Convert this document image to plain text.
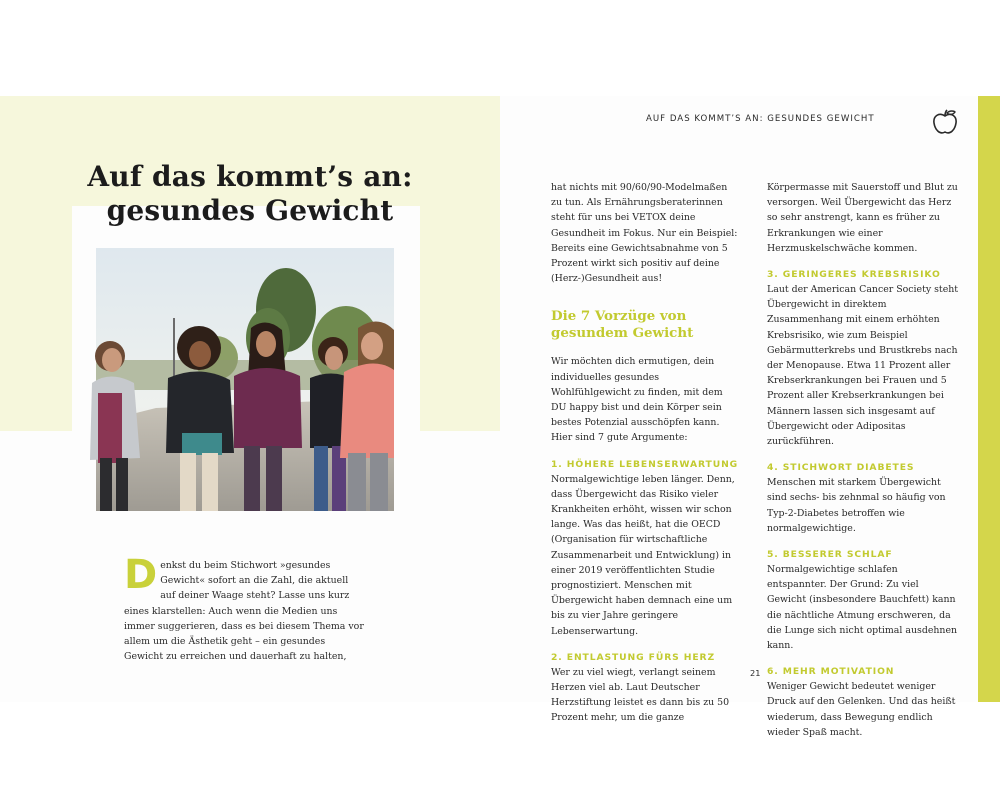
Auf das kommt’s an:
gesundes Gewicht

Denkst du beim Stichwort »gesundes Gewicht« sofort an die Zahl, die aktuell auf deiner Waage steht? Lasse uns kurz eines klarstellen: Auch wenn die Medien uns immer suggerieren, dass es bei diesem Thema vor allem um die Ästhetik geht – ein gesundes Gewicht zu erreichen und dauerhaft zu halten,

AUF DAS KOMMT’S AN: GESUNDES GEWICHT

hat nichts mit 90/60/90-Modelmaßen zu tun. Als Ernährungsberaterinnen steht für uns bei VETOX deine Gesundheit im Fokus. Nur ein Beispiel: Bereits eine Gewichtsabnahme von 5 Prozent wirkt sich positiv auf deine (Herz-)Gesundheit aus!

Die 7 Vorzüge von gesundem Gewicht

Wir möchten dich ermutigen, dein individuelles gesundes Wohlfühlgewicht zu finden, mit dem DU happy bist und dein Körper sein bestes Potenzial ausschöpfen kann. Hier sind 7 gute Argumente:

1. HÖHERE LEBENSERWARTUNG

Normalgewichtige leben länger. Denn, dass Übergewicht das Risiko vieler Krankheiten erhöht, wissen wir schon lange. Was das heißt, hat die OECD (Organisation für wirtschaftliche Zusammenarbeit und Entwicklung) in einer 2019 veröffentlichten Studie prognostiziert. Menschen mit Übergewicht haben demnach eine um bis zu vier Jahre geringere Lebenserwartung.

2. ENTLASTUNG FÜRS HERZ

Wer zu viel wiegt, verlangt seinem Herzen viel ab. Laut Deutscher Herzstiftung leistet es dann bis zu 50 Prozent mehr, um die ganze

Körpermasse mit Sauerstoff und Blut zu versorgen. Weil Übergewicht das Herz so sehr anstrengt, kann es früher zu Erkrankungen wie einer Herzmuskelschwäche kommen.

3. GERINGERES KREBSRISIKO

Laut der American Cancer Society steht Übergewicht in direktem Zusammenhang mit einem erhöhten Krebsrisiko, wie zum Beispiel Gebärmutterkrebs und Brustkrebs nach der Menopause. Etwa 11 Prozent aller Krebserkrankungen bei Frauen und 5 Prozent aller Krebserkrankungen bei Männern lassen sich insgesamt auf Übergewicht oder Adipositas zurückführen.

4. STICHWORT DIABETES

Menschen mit starkem Übergewicht sind sechs- bis zehnmal so häufig von Typ-2-Diabetes betroffen wie normalgewichtige.

5. BESSERER SCHLAF

Normalgewichtige schlafen entspannter. Der Grund: Zu viel Gewicht (insbesondere Bauchfett) kann die nächtliche Atmung erschweren, da die Lunge sich nicht optimal ausdehnen kann.

6. MEHR MOTIVATION

Weniger Gewicht bedeutet weniger Druck auf den Gelenken. Und das heißt wiederum, dass Bewegung endlich wieder Spaß macht.

21
